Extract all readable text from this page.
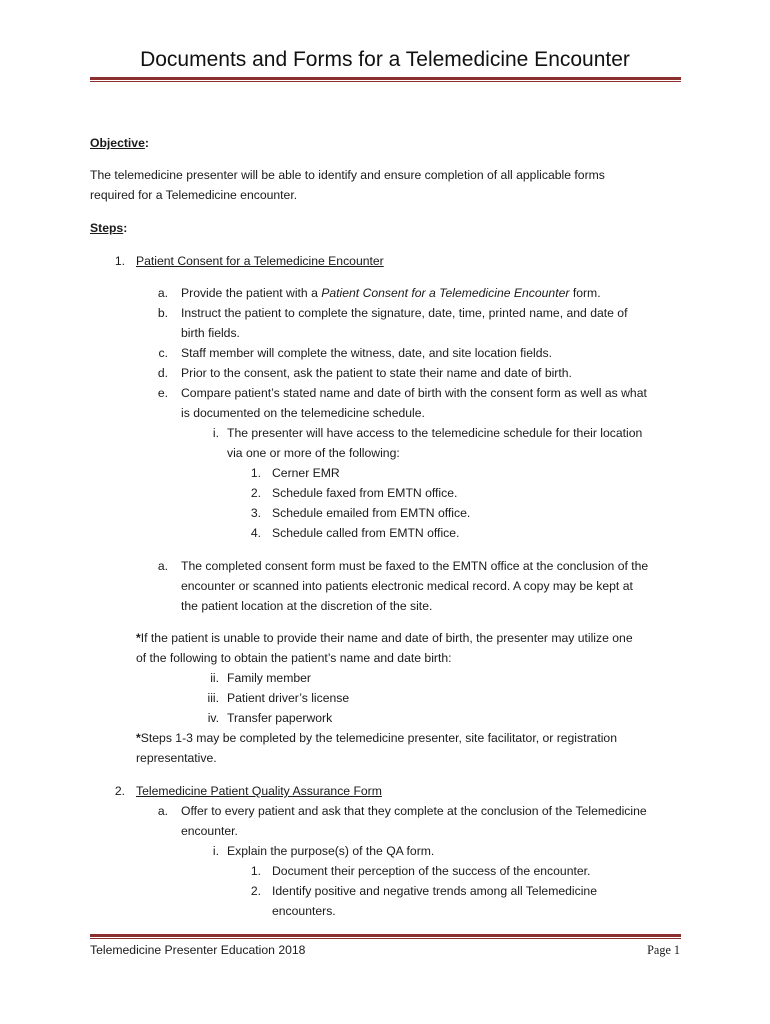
Documents and Forms for a Telemedicine Encounter
Objective:
The telemedicine presenter will be able to identify and ensure completion of all applicable forms
required for a Telemedicine encounter.
Steps:
1. Patient Consent for a Telemedicine Encounter
a. Provide the patient with a Patient Consent for a Telemedicine Encounter form.
b. Instruct the patient to complete the signature, date, time, printed name, and date of
birth fields.
c. Staff member will complete the witness, date, and site location fields.
d. Prior to the consent, ask the patient to state their name and date of birth.
e. Compare patient’s stated name and date of birth with the consent form as well as what
is documented on the telemedicine schedule.
i. The presenter will have access to the telemedicine schedule for their location
via one or more of the following:
1. Cerner EMR
2. Schedule faxed from EMTN office.
3. Schedule emailed from EMTN office.
4. Schedule called from EMTN office.
a. The completed consent form must be faxed to the EMTN office at the conclusion of the
encounter or scanned into patients electronic medical record. A copy may be kept at
the patient location at the discretion of the site.
*If the patient is unable to provide their name and date of birth, the presenter may utilize one
of the following to obtain the patient’s name and date birth:
ii. Family member
iii. Patient driver’s license
iv. Transfer paperwork
*Steps 1-3 may be completed by the telemedicine presenter, site facilitator, or registration
representative.
2. Telemedicine Patient Quality Assurance Form
a. Offer to every patient and ask that they complete at the conclusion of the Telemedicine
encounter.
i. Explain the purpose(s) of the QA form.
1. Document their perception of the success of the encounter.
2. Identify positive and negative trends among all Telemedicine
encounters.
Telemedicine Presenter Education 2018	Page 1
